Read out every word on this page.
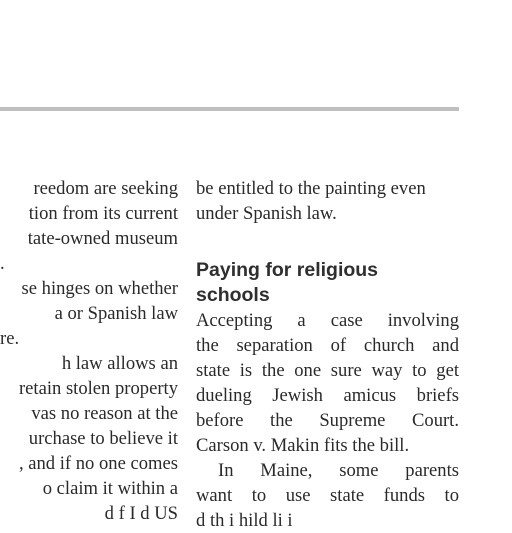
reedom are seeking
tion from its current
tate-owned museum
.
se hinges on whether
a or Spanish law
re.
h law allows an
retain stolen property
vas no reason at the
urchase to believe it
, and if no one comes
o claim it within a
d f I d US
be entitled to the painting even
under Spanish law.
Paying for religious
schools
Accepting a case involving
the separation of church and
state is the one sure way to get
dueling Jewish amicus briefs
before the Supreme Court.
Carson v. Makin fits the bill.
In Maine, some parents
want to use state funds to
d th i hild li i
